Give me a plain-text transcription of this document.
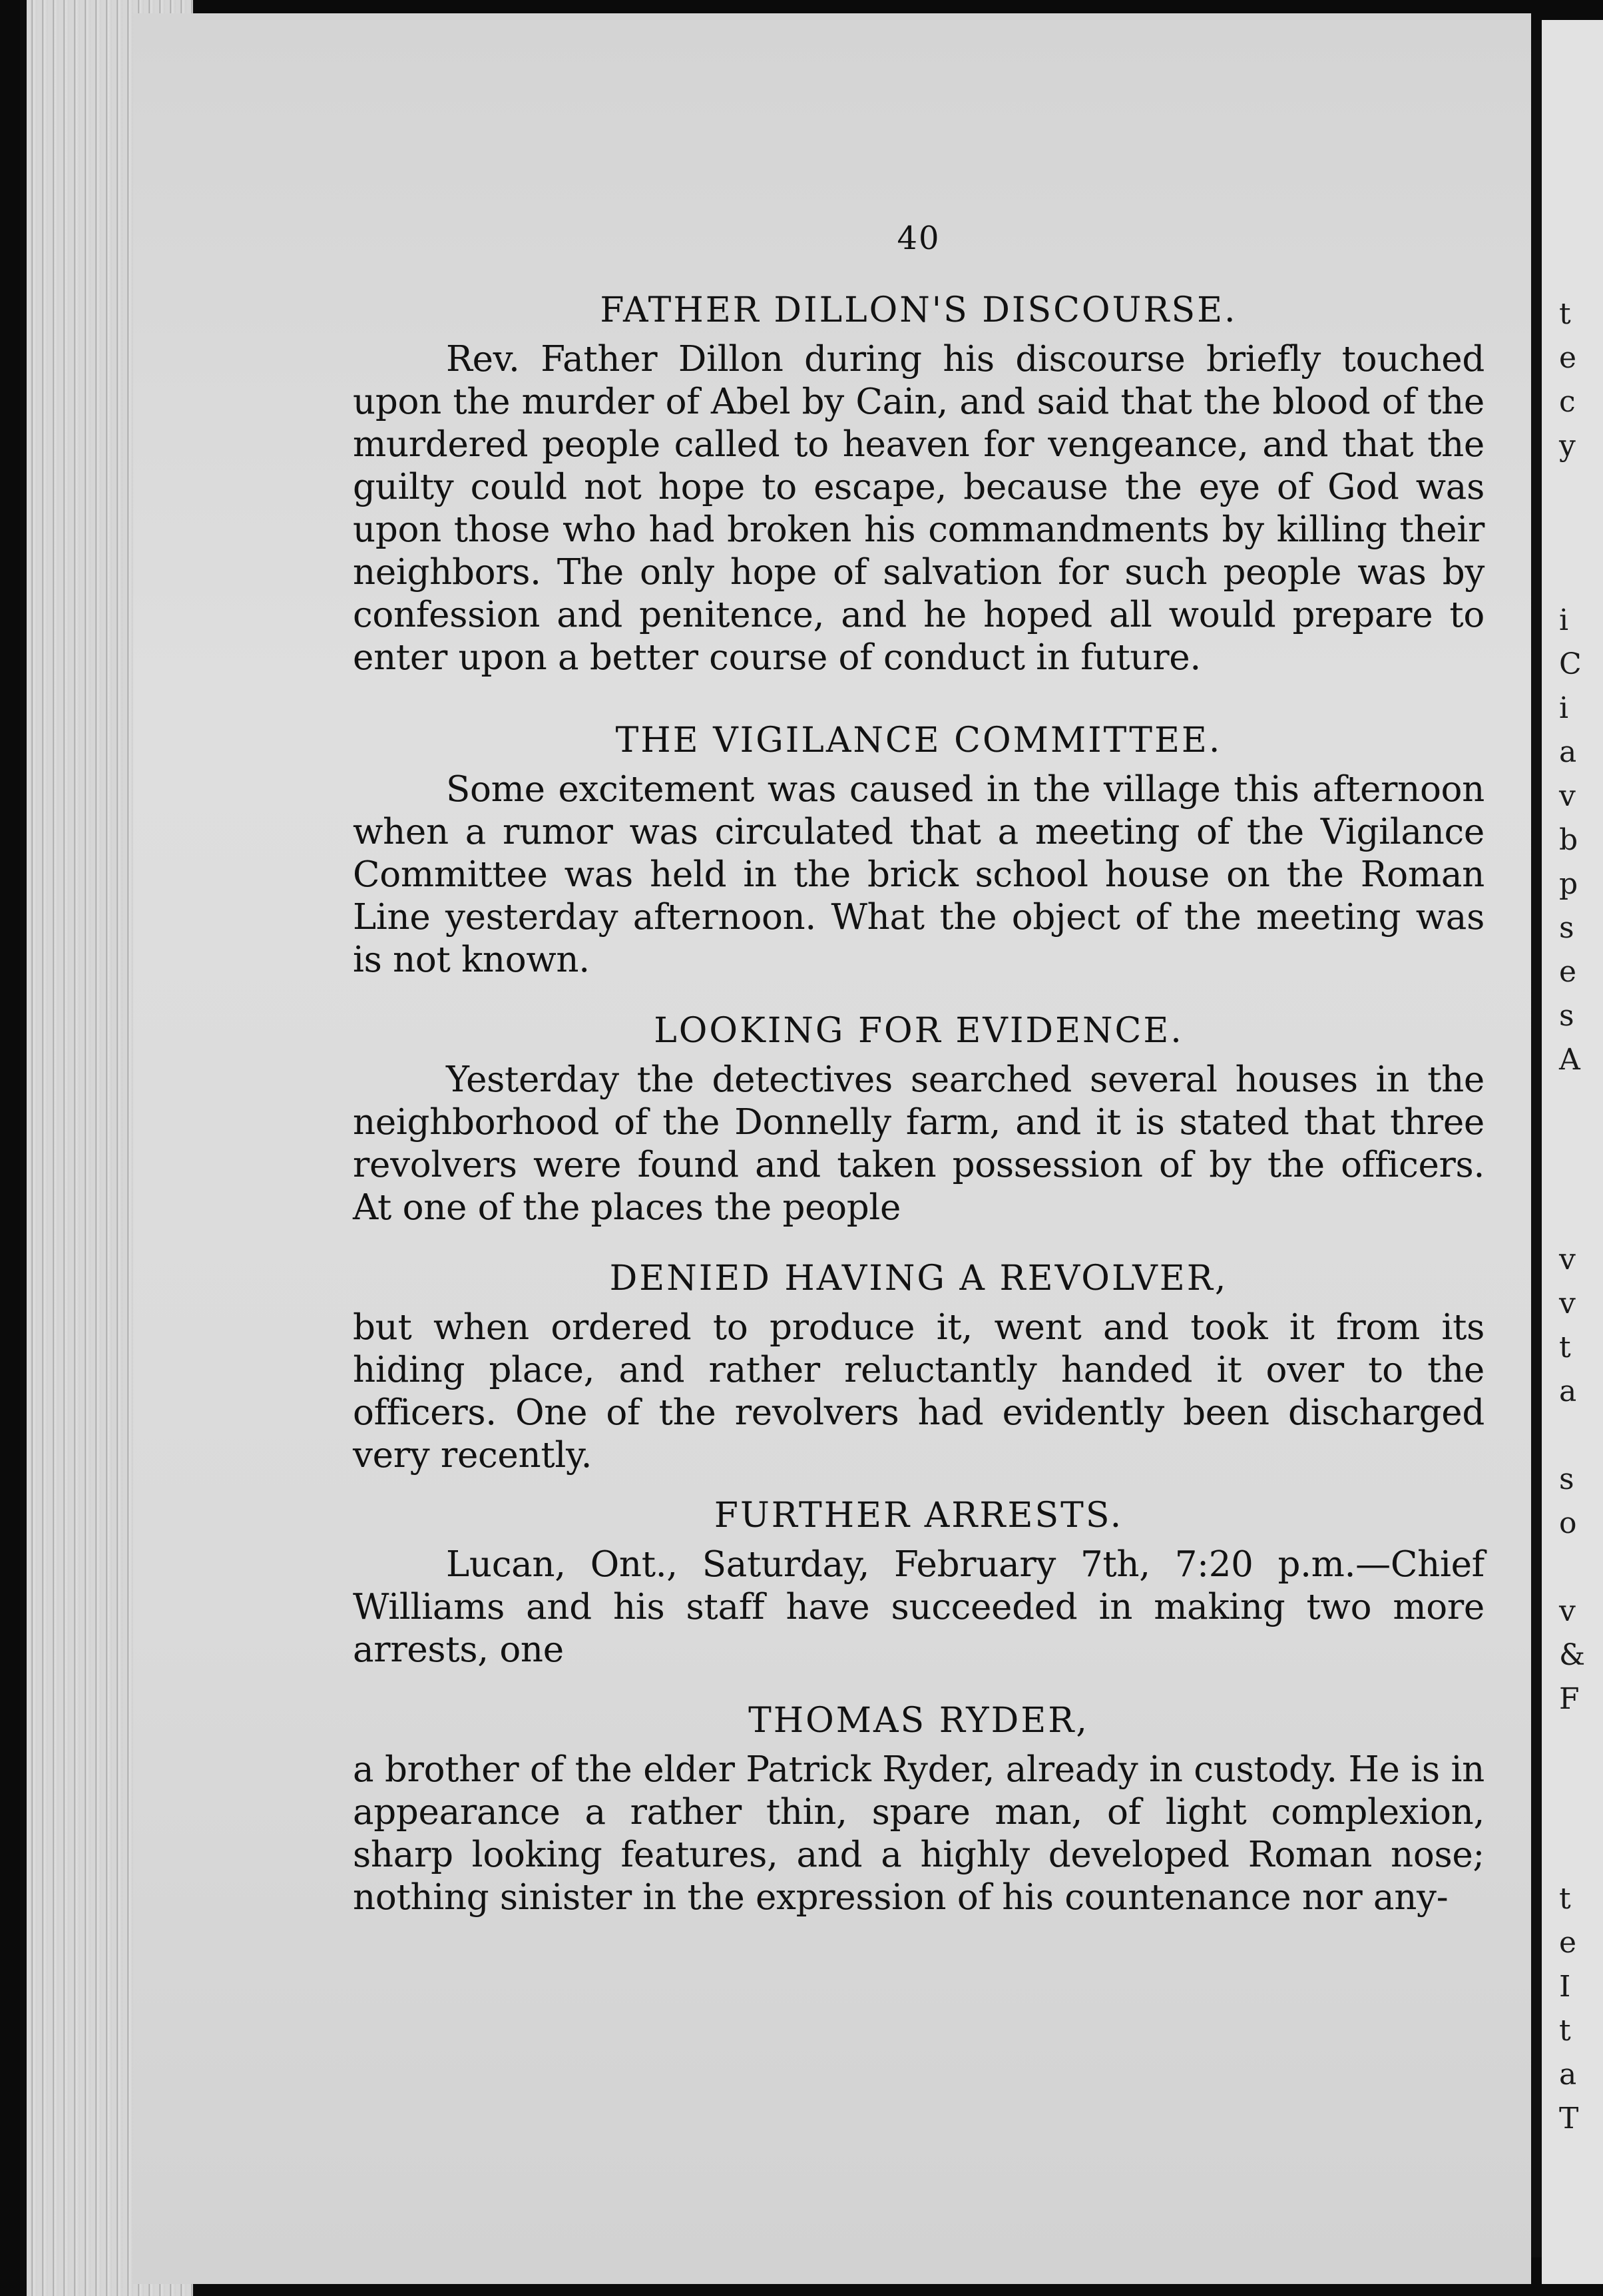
t
e
c
y
i
C
i
a
v
b
p
s
e
s
A
v
v
t
a
s
o
v
&
F
t
e
I
t
a
T
40
FATHER DILLON'S DISCOURSE.

Rev. Father Dillon during his discourse briefly touched upon the murder of Abel by Cain, and said that the blood of the murdered people called to heaven for vengeance, and that the guilty could not hope to escape, because the eye of God was upon those who had broken his commandments by killing their neighbors. The only hope of salvation for such people was by confession and penitence, and he hoped all would prepare to enter upon a better course of conduct in future.

THE VIGILANCE COMMITTEE.

Some excitement was caused in the village this afternoon when a rumor was circulated that a meeting of the Vigilance Committee was held in the brick school house on the Roman Line yesterday afternoon. What the object of the meeting was is not known.

LOOKING FOR EVIDENCE.

Yesterday the detectives searched several houses in the neighborhood of the Donnelly farm, and it is stated that three revolvers were found and taken possession of by the officers. At one of the places the people

DENIED HAVING A REVOLVER,

but when ordered to produce it, went and took it from its hiding place, and rather reluctantly handed it over to the officers. One of the revolvers had evidently been discharged very recently.

FURTHER ARRESTS.

Lucan, Ont., Saturday, February 7th, 7:20 p.m.—Chief Williams and his staff have succeeded in making two more arrests, one

THOMAS RYDER,

a brother of the elder Patrick Ryder, already in custody. He is in appearance a rather thin, spare man, of light complexion, sharp looking features, and a highly developed Roman nose; nothing sinister in the expression of his countenance nor any-
